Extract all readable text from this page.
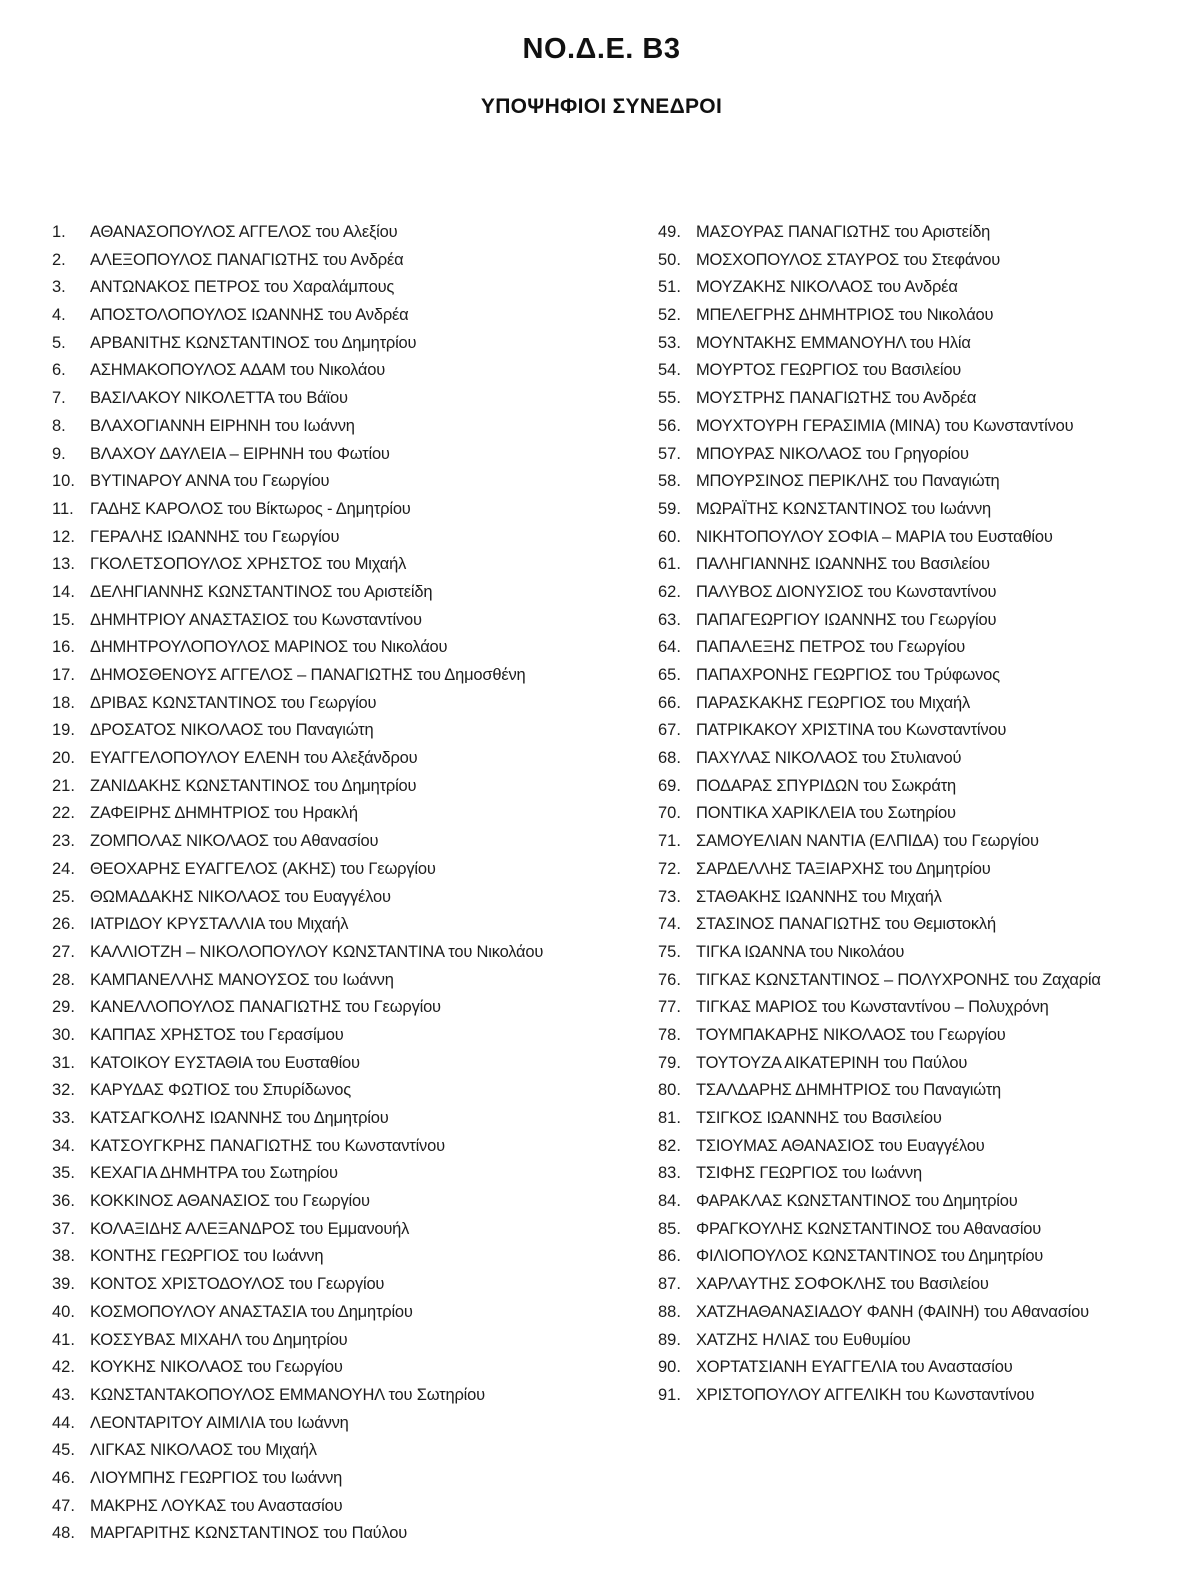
ΝΟ.Δ.Ε. Β3
ΥΠΟΨΗΦΙΟΙ ΣΥΝΕΔΡΟΙ
1.	ΑΘΑΝΑΣΟΠΟΥΛΟΣ ΑΓΓΕΛΟΣ του Αλεξίου
2.	ΑΛΕΞΟΠΟΥΛΟΣ ΠΑΝΑΓΙΩΤΗΣ του Ανδρέα
3.	ΑΝΤΩΝΑΚΟΣ ΠΕΤΡΟΣ του Χαραλάμπους
4.	ΑΠΟΣΤΟΛΟΠΟΥΛΟΣ ΙΩΑΝΝΗΣ του Ανδρέα
5.	ΑΡΒΑΝΙΤΗΣ ΚΩΝΣΤΑΝΤΙΝΟΣ του Δημητρίου
6.	ΑΣΗΜΑΚΟΠΟΥΛΟΣ ΑΔΑΜ του Νικολάου
7.	ΒΑΣΙΛΑΚΟΥ ΝΙΚΟΛΕΤΤΑ του Βάϊου
8.	ΒΛΑΧΟΓΙΑΝΝΗ ΕΙΡΗΝΗ του Ιωάννη
9.	ΒΛΑΧΟΥ ΔΑΥΛΕΙΑ – ΕΙΡΗΝΗ του Φωτίου
10. ΒΥΤΙΝΑΡΟΥ ΑΝΝΑ του Γεωργίου
11. ΓΑΔΗΣ ΚΑΡΟΛΟΣ του Βίκτωρος - Δημητρίου
12. ΓΕΡΑΛΗΣ ΙΩΑΝΝΗΣ του Γεωργίου
13. ΓΚΟΛΕΤΣΟΠΟΥΛΟΣ ΧΡΗΣΤΟΣ του Μιχαήλ
14. ΔΕΛΗΓΙΑΝΝΗΣ ΚΩΝΣΤΑΝΤΙΝΟΣ του Αριστείδη
15. ΔΗΜΗΤΡΙΟΥ ΑΝΑΣΤΑΣΙΟΣ του Κωνσταντίνου
16. ΔΗΜΗΤΡΟΥΛΟΠΟΥΛΟΣ ΜΑΡΙΝΟΣ του Νικολάου
17. ΔΗΜΟΣΘΕΝΟΥΣ ΑΓΓΕΛΟΣ – ΠΑΝΑΓΙΩΤΗΣ του Δημοσθένη
18. ΔΡΙΒΑΣ ΚΩΝΣΤΑΝΤΙΝΟΣ του Γεωργίου
19. ΔΡΟΣΑΤΟΣ ΝΙΚΟΛΑΟΣ του Παναγιώτη
20. ΕΥΑΓΓΕΛΟΠΟΥΛΟΥ ΕΛΕΝΗ του Αλεξάνδρου
21. ΖΑΝΙΔΑΚΗΣ ΚΩΝΣΤΑΝΤΙΝΟΣ του Δημητρίου
22. ΖΑΦΕΙΡΗΣ ΔΗΜΗΤΡΙΟΣ του Ηρακλή
23. ΖΟΜΠΟΛΑΣ ΝΙΚΟΛΑΟΣ του Αθανασίου
24. ΘΕΟΧΑΡΗΣ ΕΥΑΓΓΕΛΟΣ (ΑΚΗΣ) του Γεωργίου
25. ΘΩΜΑΔΑΚΗΣ ΝΙΚΟΛΑΟΣ του Ευαγγέλου
26. ΙΑΤΡΙΔΟΥ ΚΡΥΣΤΑΛΛΙΑ του Μιχαήλ
27. ΚΑΛΛΙΟΤΖΗ – ΝΙΚΟΛΟΠΟΥΛΟΥ ΚΩΝΣΤΑΝΤΙΝΑ του Νικολάου
28. ΚΑΜΠΑΝΕΛΛΗΣ ΜΑΝΟΥΣΟΣ του Ιωάννη
29. ΚΑΝΕΛΛΟΠΟΥΛΟΣ ΠΑΝΑΓΙΩΤΗΣ του Γεωργίου
30. ΚΑΠΠΑΣ ΧΡΗΣΤΟΣ του Γερασίμου
31. ΚΑΤΟΙΚΟΥ ΕΥΣΤΑΘΙΑ του Ευσταθίου
32. ΚΑΡΥΔΑΣ ΦΩΤΙΟΣ του Σπυρίδωνος
33. ΚΑΤΣΑΓΚΟΛΗΣ ΙΩΑΝΝΗΣ του Δημητρίου
34. ΚΑΤΣΟΥΓΚΡΗΣ ΠΑΝΑΓΙΩΤΗΣ του Κωνσταντίνου
35. ΚΕΧΑΓΙΑ ΔΗΜΗΤΡΑ του Σωτηρίου
36. ΚΟΚΚΙΝΟΣ ΑΘΑΝΑΣΙΟΣ του Γεωργίου
37. ΚΟΛΑΞΙΔΗΣ ΑΛΕΞΑΝΔΡΟΣ του Εμμανουήλ
38. ΚΟΝΤΗΣ ΓΕΩΡΓΙΟΣ του Ιωάννη
39. ΚΟΝΤΟΣ ΧΡΙΣΤΟΔΟΥΛΟΣ του Γεωργίου
40. ΚΟΣΜΟΠΟΥΛΟΥ ΑΝΑΣΤΑΣΙΑ του Δημητρίου
41. ΚΟΣΣΥΒΑΣ ΜΙΧΑΗΛ του Δημητρίου
42. ΚΟΥΚΗΣ ΝΙΚΟΛΑΟΣ του Γεωργίου
43. ΚΩΝΣΤΑΝΤΑΚΟΠΟΥΛΟΣ ΕΜΜΑΝΟΥΗΛ του Σωτηρίου
44. ΛΕΟΝΤΑΡΙΤΟΥ ΑΙΜΙΛΙΑ του Ιωάννη
45. ΛΙΓΚΑΣ ΝΙΚΟΛΑΟΣ του Μιχαήλ
46. ΛΙΟΥΜΠΗΣ ΓΕΩΡΓΙΟΣ του Ιωάννη
47. ΜΑΚΡΗΣ ΛΟΥΚΑΣ του Αναστασίου
48. ΜΑΡΓΑΡΙΤΗΣ ΚΩΝΣΤΑΝΤΙΝΟΣ του Παύλου
49. ΜΑΣΟΥΡΑΣ ΠΑΝΑΓΙΩΤΗΣ του Αριστείδη
50. ΜΟΣΧΟΠΟΥΛΟΣ ΣΤΑΥΡΟΣ του Στεφάνου
51. ΜΟΥΖΑΚΗΣ ΝΙΚΟΛΑΟΣ του Ανδρέα
52. ΜΠΕΛΕΓΡΗΣ ΔΗΜΗΤΡΙΟΣ του Νικολάου
53. ΜΟΥΝΤΑΚΗΣ ΕΜΜΑΝΟΥΗΛ του Ηλία
54. ΜΟΥΡΤΟΣ ΓΕΩΡΓΙΟΣ του Βασιλείου
55. ΜΟΥΣΤΡΗΣ ΠΑΝΑΓΙΩΤΗΣ του Ανδρέα
56. ΜΟΥΧΤΟΥΡΗ ΓΕΡΑΣΙΜΙΑ (ΜΙΝΑ) του Κωνσταντίνου
57. ΜΠΟΥΡΑΣ ΝΙΚΟΛΑΟΣ του Γρηγορίου
58. ΜΠΟΥΡΣΙΝΟΣ ΠΕΡΙΚΛΗΣ του Παναγιώτη
59. ΜΩΡΑΪΤΗΣ ΚΩΝΣΤΑΝΤΙΝΟΣ του Ιωάννη
60. ΝΙΚΗΤΟΠΟΥΛΟΥ ΣΟΦΙΑ – ΜΑΡΙΑ του Ευσταθίου
61. ΠΑΛΗΓΙΑΝΝΗΣ ΙΩΑΝΝΗΣ του Βασιλείου
62. ΠΑΛΥΒΟΣ ΔΙΟΝΥΣΙΟΣ του Κωνσταντίνου
63. ΠΑΠΑΓΕΩΡΓΙΟΥ ΙΩΑΝΝΗΣ του Γεωργίου
64. ΠΑΠΑΛΕΞΗΣ ΠΕΤΡΟΣ του Γεωργίου
65. ΠΑΠΑΧΡΟΝΗΣ ΓΕΩΡΓΙΟΣ του Τρύφωνος
66. ΠΑΡΑΣΚΑΚΗΣ ΓΕΩΡΓΙΟΣ του Μιχαήλ
67. ΠΑΤΡΙΚΑΚΟΥ ΧΡΙΣΤΙΝΑ του Κωνσταντίνου
68. ΠΑΧΥΛΑΣ ΝΙΚΟΛΑΟΣ του Στυλιανού
69. ΠΟΔΑΡΑΣ ΣΠΥΡΙΔΩΝ του Σωκράτη
70. ΠΟΝΤΙΚΑ ΧΑΡΙΚΛΕΙΑ του Σωτηρίου
71. ΣΑΜΟΥΕΛΙΑΝ ΝΑΝΤΙΑ (ΕΛΠΙΔΑ) του Γεωργίου
72. ΣΑΡΔΕΛΛΗΣ ΤΑΞΙΑΡΧΗΣ του Δημητρίου
73. ΣΤΑΘΑΚΗΣ ΙΩΑΝΝΗΣ του Μιχαήλ
74. ΣΤΑΣΙΝΟΣ ΠΑΝΑΓΙΩΤΗΣ του Θεμιστοκλή
75. ΤΙΓΚΑ ΙΩΑΝΝΑ του Νικολάου
76. ΤΙΓΚΑΣ ΚΩΝΣΤΑΝΤΙΝΟΣ – ΠΟΛΥΧΡΟΝΗΣ του Ζαχαρία
77. ΤΙΓΚΑΣ ΜΑΡΙΟΣ του Κωνσταντίνου – Πολυχρόνη
78. ΤΟΥΜΠΑΚΑΡΗΣ ΝΙΚΟΛΑΟΣ του Γεωργίου
79. ΤΟΥΤΟΥΖΑ ΑΙΚΑΤΕΡΙΝΗ του Παύλου
80. ΤΣΑΛΔΑΡΗΣ ΔΗΜΗΤΡΙΟΣ του Παναγιώτη
81. ΤΣΙΓΚΟΣ ΙΩΑΝΝΗΣ του Βασιλείου
82. ΤΣΙΟΥΜΑΣ ΑΘΑΝΑΣΙΟΣ του Ευαγγέλου
83. ΤΣΙΦΗΣ ΓΕΩΡΓΙΟΣ του Ιωάννη
84. ΦΑΡΑΚΛΑΣ ΚΩΝΣΤΑΝΤΙΝΟΣ του Δημητρίου
85. ΦΡΑΓΚΟΥΛΗΣ ΚΩΝΣΤΑΝΤΙΝΟΣ του Αθανασίου
86. ΦΙΛΙΟΠΟΥΛΟΣ ΚΩΝΣΤΑΝΤΙΝΟΣ του Δημητρίου
87. ΧΑΡΛΑΥΤΗΣ ΣΟΦΟΚΛΗΣ του Βασιλείου
88. ΧΑΤΖΗΑΘΑΝΑΣΙΑΔΟΥ ΦΑΝΗ (ΦΑΙΝΗ) του Αθανασίου
89. ΧΑΤΖΗΣ ΗΛΙΑΣ του Ευθυμίου
90. ΧΟΡΤΑΤΣΙΑΝΗ ΕΥΑΓΓΕΛΙΑ του Αναστασίου
91. ΧΡΙΣΤΟΠΟΥΛΟΥ ΑΓΓΕΛΙΚΗ του Κωνσταντίνου
